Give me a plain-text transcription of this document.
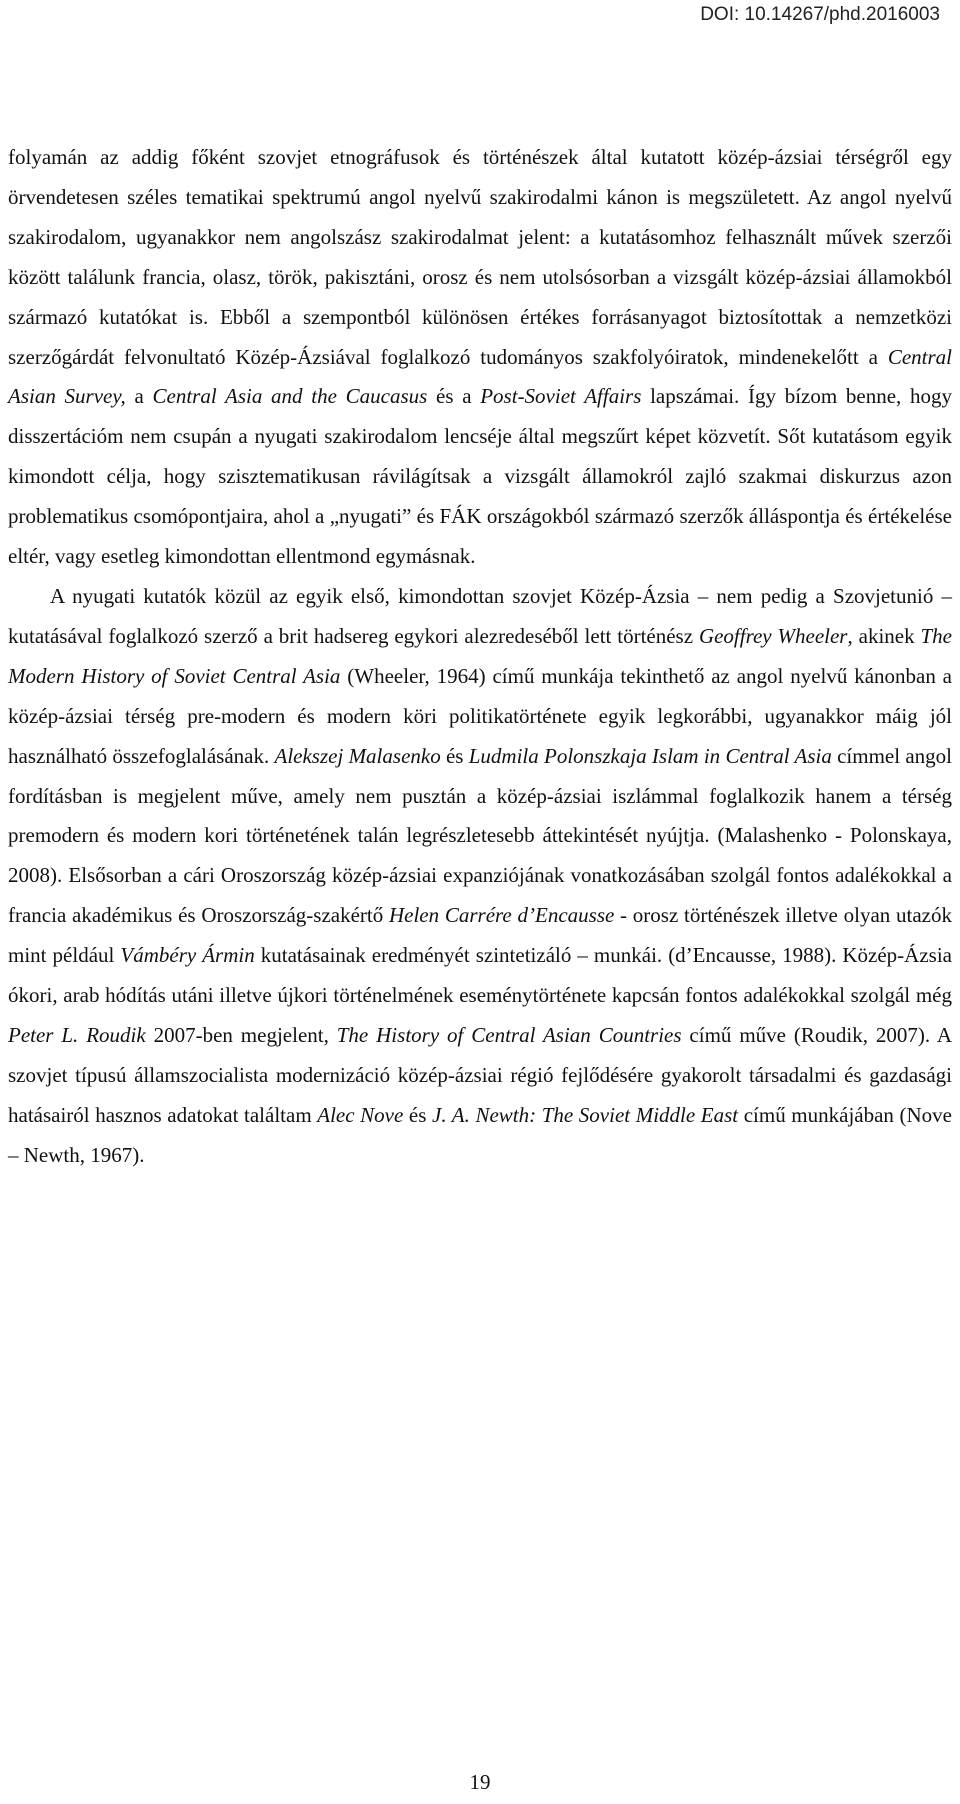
DOI: 10.14267/phd.2016003

folyamán az addig főként szovjet etnográfusok és történészek által kutatott közép-ázsiai térségről egy örvendetesen széles tematikai spektrumú angol nyelvű szakirodalmi kánon is megszületett. Az angol nyelvű szakirodalom, ugyanakkor nem angolszász szakirodalmat jelent: a kutatásomhoz felhasznált művek szerzői között találunk francia, olasz, török, pakisztáni, orosz és nem utolsósorban a vizsgált közép-ázsiai államokból származó kutatókat is. Ebből a szempontból különösen értékes forrásanyagot biztosítottak a nemzetközi szerzőgárdát felvonultató Közép-Ázsiával foglalkozó tudományos szakfolyóiratok, mindenekelőtt a Central Asian Survey, a Central Asia and the Caucasus és a Post-Soviet Affairs lapszámai. Így bízom benne, hogy disszertációm nem csupán a nyugati szakirodalom lencséje által megszűrt képet közvetít. Sőt kutatásom egyik kimondott célja, hogy szisztematikusan rávilágítsak a vizsgált államokról zajló szakmai diskurzus azon problematikus csomópontjaira, ahol a „nyugati” és FÁK országokból származó szerzők álláspontja és értékelése eltér, vagy esetleg kimondottan ellentmond egymásnak.

A nyugati kutatók közül az egyik első, kimondottan szovjet Közép-Ázsia – nem pedig a Szovjetunió – kutatásával foglalkozó szerző a brit hadsereg egykori alezredeséből lett történész Geoffrey Wheeler, akinek The Modern History of Soviet Central Asia (Wheeler, 1964) című munkája tekinthető az angol nyelvű kánonban a közép-ázsiai térség pre-modern és modern köri politikatörténete egyik legkorábbi, ugyanakkor máig jól használható összefoglalásának. Alekszej Malasenko és Ludmila Polonszkaja Islam in Central Asia címmel angol fordításban is megjelent műve, amely nem pusztán a közép-ázsiai iszlámmal foglalkozik hanem a térség premodern és modern kori történetének talán legrészletesebb áttekintését nyújtja. (Malashenko - Polonskaya, 2008). Elsősorban a cári Oroszország közép-ázsiai expanziójának vonatkozásában szolgál fontos adalékokkal a francia akadémikus és Oroszország-szakértő Helen Carrére d’Encausse - orosz történészek illetve olyan utazók mint például Vámbéry Ármin kutatásainak eredményét szintetizáló – munkái. (d’Encausse, 1988). Közép-Ázsia ókori, arab hódítás utáni illetve újkori történelmének eseménytörténete kapcsán fontos adalékokkal szolgál még Peter L. Roudik 2007-ben megjelent, The History of Central Asian Countries című műve (Roudik, 2007). A szovjet típusú államszocialista modernizáció közép-ázsiai régió fejlődésére gyakorolt társadalmi és gazdasági hatásairól hasznos adatokat találtam Alec Nove és J. A. Newth: The Soviet Middle East című munkájában (Nove – Newth, 1967).

19
